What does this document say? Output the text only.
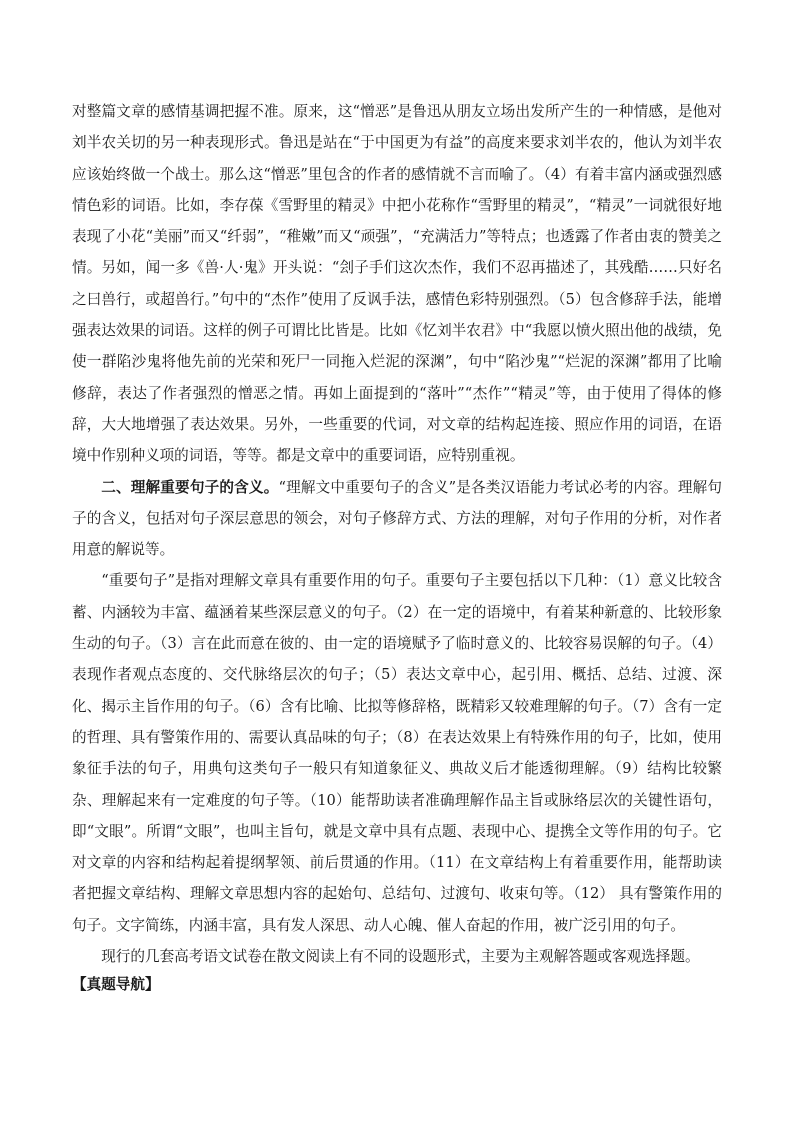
对整篇文章的感情基调把握不准。原来，这“憎恶”是鲁迅从朋友立场出发所产生的一种情感，是他对刘半农关切的另一种表现形式。鲁迅是站在“于中国更为有益”的高度来要求刘半农的，他认为刘半农应该始终做一个战士。那么这“憎恶”里包含的作者的感情就不言而喻了。（4）有着丰富内涵或强烈感情色彩的词语。比如，李存葆《雪野里的精灵》中把小花称作“雪野里的精灵”，“精灵”一词就很好地表现了小花“美丽”而又“纤弱”，“稚嫩”而又“顽强”，“充满活力”等特点；也透露了作者由衷的赞美之情。另如，闻一多《兽·人·鬼》开头说：“刽子手们这次杰作，我们不忍再描述了，其残酷……只好名之曰兽行，或超兽行。”句中的“杰作”使用了反讽手法，感情色彩特别强烈。（5）包含修辞手法，能增强表达效果的词语。这样的例子可谓比比皆是。比如《忆刘半农君》中“我愿以愤火照出他的战绩，免使一群陷沙鬼将他先前的光荣和死尸一同拖入烂泥的深渊”，句中“陷沙鬼”“烂泥的深渊”都用了比喻修辞，表达了作者强烈的憎恶之情。再如上面提到的“落叶”“杰作”“精灵”等，由于使用了得体的修辞，大大地增强了表达效果。另外，一些重要的代词，对文章的结构起连接、照应作用的词语，在语境中作别种义项的词语，等等。都是文章中的重要词语，应特别重视。

二、理解重要句子的含义。“理解文中重要句子的含义”是各类汉语能力考试必考的内容。理解句子的含义，包括对句子深层意思的领会，对句子修辞方式、方法的理解，对句子作用的分析，对作者用意的解说等。

“重要句子”是指对理解文章具有重要作用的句子。重要句子主要包括以下几种：（1）意义比较含蓄、内涵较为丰富、蕴涵着某些深层意义的句子。（2）在一定的语境中，有着某种新意的、比较形象生动的句子。（3）言在此而意在彼的、由一定的语境赋予了临时意义的、比较容易误解的句子。（4）表现作者观点态度的、交代脉络层次的句子；（5）表达文章中心，起引用、概括、总结、过渡、深化、揭示主旨作用的句子。（6）含有比喻、比拟等修辞格，既精彩又较难理解的句子。（7）含有一定的哲理、具有警策作用的、需要认真品味的句子；（8）在表达效果上有特殊作用的句子，比如，使用象征手法的句子，用典句这类句子一般只有知道象征义、典故义后才能透彻理解。（9）结构比较繁杂、理解起来有一定难度的句子等。（10）能帮助读者准确理解作品主旨或脉络层次的关键性语句，即“文眼”。所谓“文眼”，也叫主旨句，就是文章中具有点题、表现中心、提携全文等作用的句子。它对文章的内容和结构起着提纲挈领、前后贯通的作用。（11）在文章结构上有着重要作用，能帮助读者把握文章结构、理解文章思想内容的起始句、总结句、过渡句、收束句等。（12） 具有警策作用的句子。文字简练，内涵丰富，具有发人深思、动人心魄、催人奋起的作用，被广泛引用的句子。

现行的几套高考语文试卷在散文阅读上有不同的设题形式，主要为主观解答题或客观选择题。

【真题导航】
